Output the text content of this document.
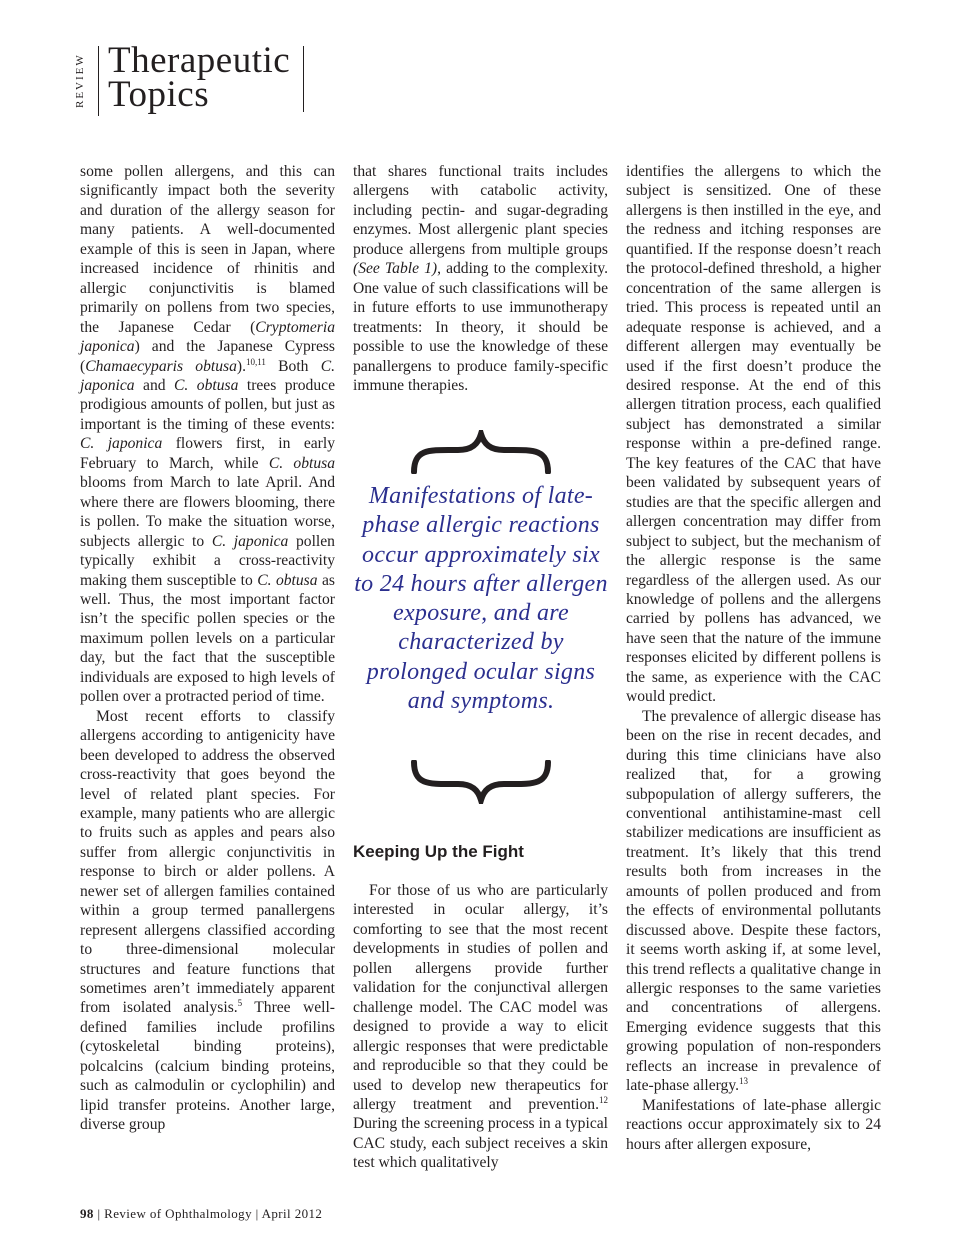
REVIEW Therapeutic
Topics

some pollen allergens, and this can significantly impact both the severity and duration of the allergy season for many patients. A well-documented example of this is seen in Japan, where increased incidence of rhinitis and allergic conjunctivitis is blamed primarily on pollens from two species, the Japanese Cedar (Cryptomeria japonica) and the Japanese Cypress (Chamaecyparis obtusa).$^{10,11}$ Both C. japonica and C. obtusa trees produce prodigious amounts of pollen, but just as important is the timing of these events: C. japonica flowers first, in early February to March, while C. obtusa blooms from March to late April. And where there are flowers blooming, there is pollen. To make the situation worse, subjects allergic to C. japonica pollen typically exhibit a cross-reactivity making them susceptible to C. obtusa as well. Thus, the most important factor isn’t the specific pollen species or the maximum pollen levels on a particular day, but the fact that the susceptible individuals are exposed to high levels of pollen over a protracted period of time.

Most recent efforts to classify allergens according to antigenicity have been developed to address the observed cross-reactivity that goes beyond the level of related plant species. For example, many patients who are allergic to fruits such as apples and pears also suffer from allergic conjunctivitis in response to birch or alder pollens. A newer set of allergen families contained within a group termed panallergens represent allergens classified according to three-dimensional molecular structures and feature functions that sometimes aren’t immediately apparent from isolated analysis.$^5$ Three well-defined families include profilins (cytoskeletal binding proteins), polcalcins (calcium binding proteins, such as calmodulin or cyclophilin) and lipid transfer proteins. Another large, diverse group

that shares functional traits includes allergens with catabolic activity, including pectin- and sugar-degrading enzymes. Most allergenic plant species produce allergens from multiple groups (See Table 1), adding to the complexity. One value of such classifications will be in future efforts to use immunotherapy treatments: In theory, it should be possible to use the knowledge of these panallergens to produce family-specific immune therapies.

Manifestations of late-phase allergic reactions occur approximately six to 24 hours after allergen exposure, and are characterized by prolonged ocular signs and symptoms.
Keeping Up the Fight

For those of us who are particularly interested in ocular allergy, it’s comforting to see that the most recent developments in studies of pollen and pollen allergens provide further validation for the conjunctival allergen challenge model. The CAC model was designed to provide a way to elicit allergic responses that were predictable and reproducible so that they could be used to develop new therapeutics for allergy treatment and prevention.$^{12}$ During the screening process in a typical CAC study, each subject receives a skin test which qualitatively

identifies the allergens to which the subject is sensitized. One of these allergens is then instilled in the eye, and the redness and itching responses are quantified. If the response doesn’t reach the protocol-defined threshold, a higher concentration of the same allergen is tried. This process is repeated until an adequate response is achieved, and a different allergen may eventually be used if the first doesn’t produce the desired response. At the end of this allergen titration process, each qualified subject has demonstrated a similar response within a pre-defined range. The key features of the CAC that have been validated by subsequent years of studies are that the specific allergen and allergen concentration may differ from subject to subject, but the mechanism of the allergic response is the same regardless of the allergen used. As our knowledge of pollens and the allergens carried by pollens has advanced, we have seen that the nature of the immune responses elicited by different pollens is the same, as experience with the CAC would predict.

The prevalence of allergic disease has been on the rise in recent decades, and during this time clinicians have also realized that, for a growing subpopulation of allergy sufferers, the conventional antihistamine-mast cell stabilizer medications are insufficient as treatment. It’s likely that this trend results both from increases in the amounts of pollen produced and from the effects of environmental pollutants discussed above. Despite these factors, it seems worth asking if, at some level, this trend reflects a qualitative change in allergic responses to the same varieties and concentrations of allergens. Emerging evidence suggests that this growing population of non-responders reflects an increase in prevalence of late-phase allergy.$^{13}$

Manifestations of late-phase allergic reactions occur approximately six to 24 hours after allergen exposure,

98 | Review of Ophthalmology | April 2012
